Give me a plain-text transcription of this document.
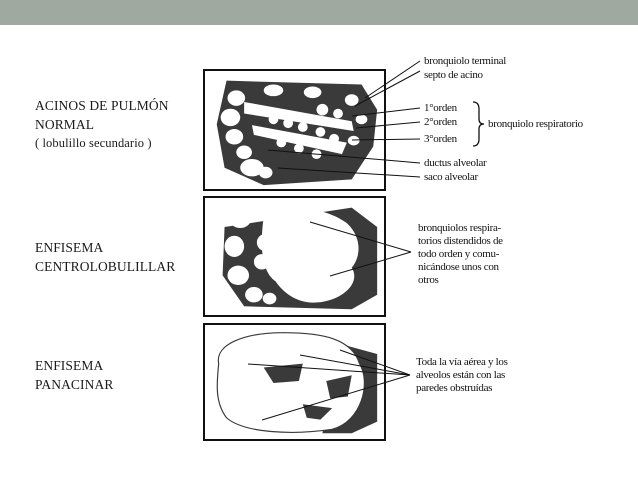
ACINOS DE PULMÓN
NORMAL
( lobulillo secundario )
ENFISEMA
CENTROLOBULILLAR
ENFISEMA
PANACINAR
bronquiolo terminal
septo de acino
1°orden
2°orden
3°orden
bronquiolo respiratorio
ductus alveolar
saco alveolar
bronquiolos respira-
torios distendidos de
todo orden y comu-
nicándose unos con
otros
Toda la vía aérea y los
alveolos están con las
paredes obstruídas
